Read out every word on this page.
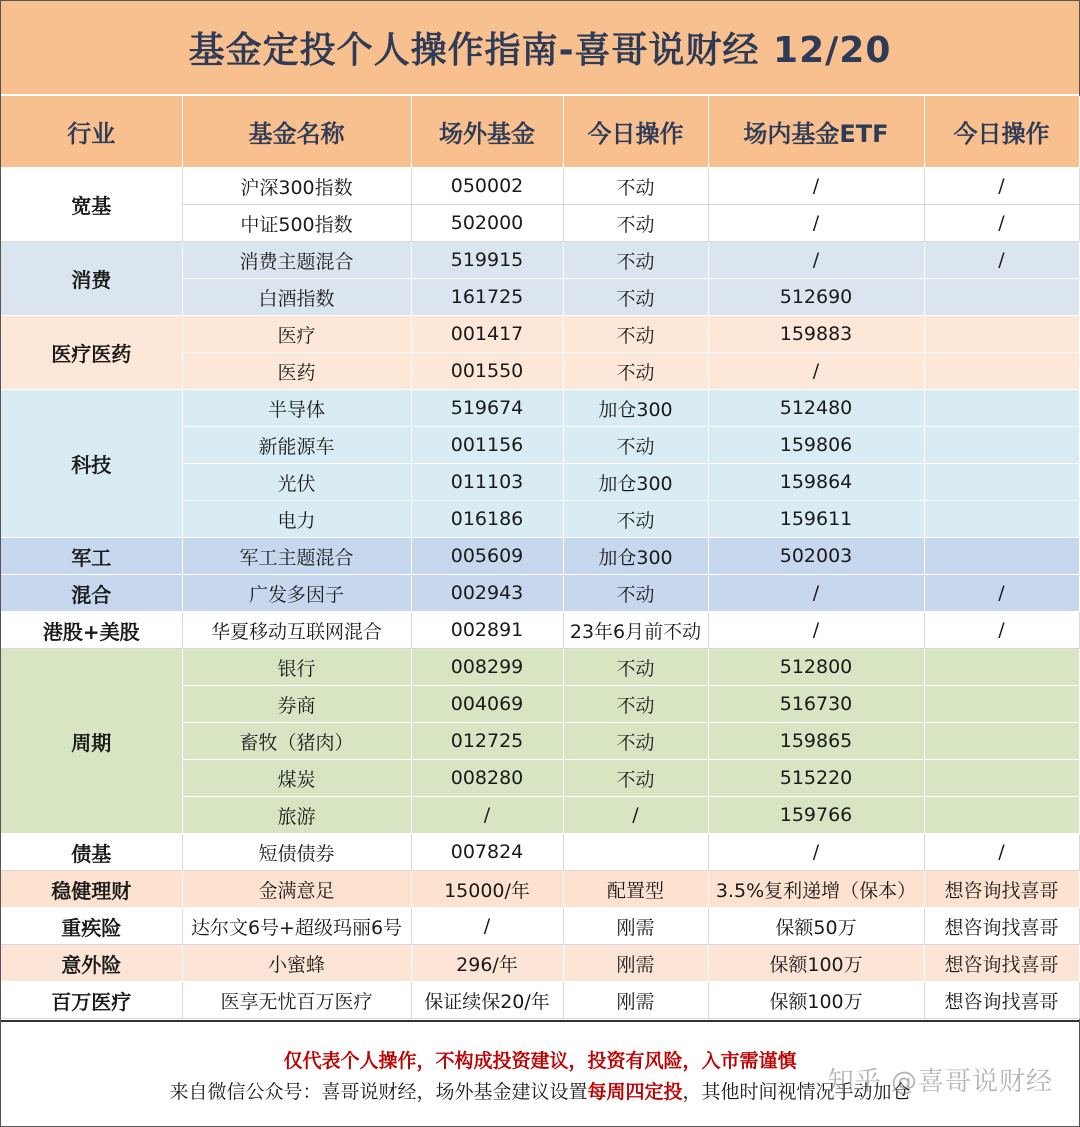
基金定投个人操作指南-喜哥说财经 12/20
行业	基金名称	场外基金	今日操作	场内基金ETF	今日操作
宽基	沪深300指数	050002	不动	/	/
	中证500指数	502000	不动	/	/
消费	消费主题混合	519915	不动	/	/
	白酒指数	161725	不动	512690	
医疗医药	医疗	001417	不动	159883	
	医药	001550	不动	/	
科技	半导体	519674	加仓300	512480	
	新能源车	001156	不动	159806	
	光伏	011103	加仓300	159864	
	电力	016186	不动	159611	
军工	军工主题混合	005609	加仓300	502003	
混合	广发多因子	002943	不动	/	/
港股+美股	华夏移动互联网混合	002891	23年6月前不动	/	/
周期	银行	008299	不动	512800	
	券商	004069	不动	516730	
	畜牧（猪肉）	012725	不动	159865	
	煤炭	008280	不动	515220	
	旅游	/	/	159766	
债基	短债债券	007824		/	/
稳健理财	金满意足	15000/年	配置型	3.5%复利递增（保本）	想咨询找喜哥
重疾险	达尔文6号+超级玛丽6号	/	刚需	保额50万	想咨询找喜哥
意外险	小蜜蜂	296/年	刚需	保额100万	想咨询找喜哥
百万医疗	医享无忧百万医疗	保证续保20/年	刚需	保额100万	想咨询找喜哥
仅代表个人操作，不构成投资建议，投资有风险，入市需谨慎
来自微信公众号：喜哥说财经，场外基金建议设置每周四定投，其他时间视情况手动加仓
知乎 @喜哥说财经
